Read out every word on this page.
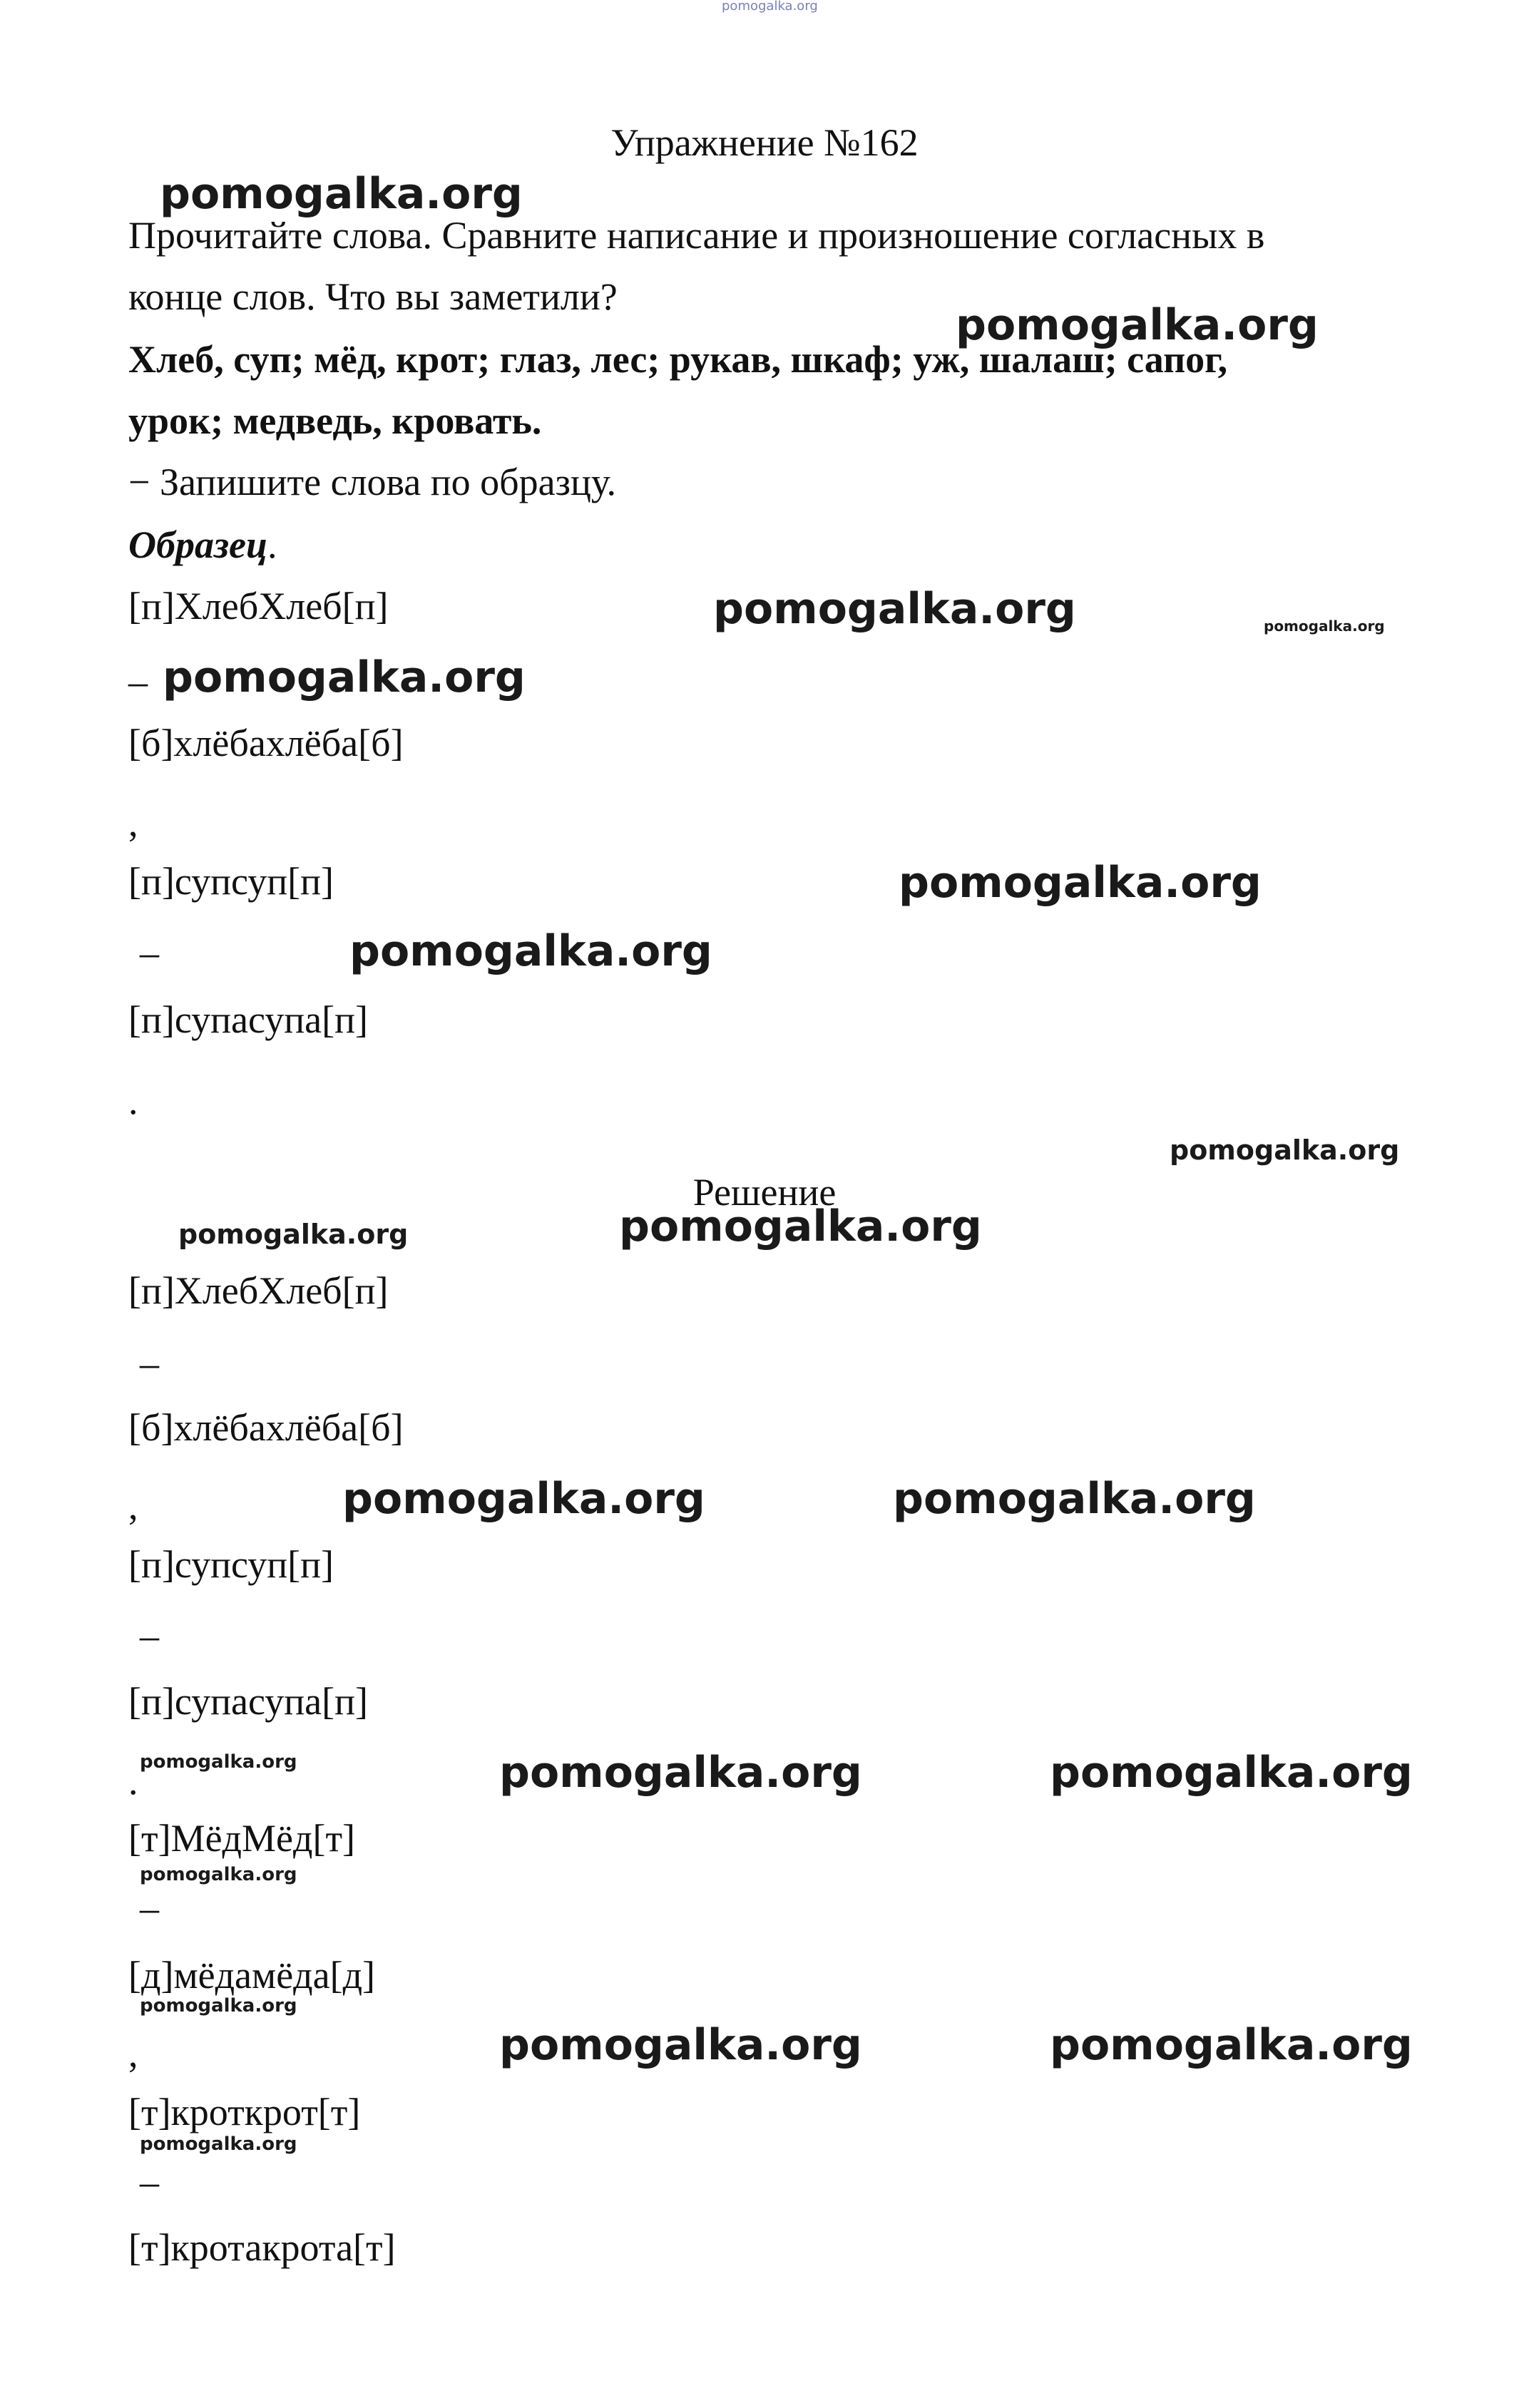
pomogalka.org
Упражнение №162
Прочитайте слова. Сравните написание и произношение согласных в
конце слов. Что вы заметили?
Хлеб, суп; мёд, крот; глаз, лес; рукав, шкаф; уж, шалаш; сапог,
урок; медведь, кровать.
− Запишите слова по образцу.
Образец.
[п]ХлебХлеб[п]
–
[б]хлёбахлёба[б]
,
[п]супсуп[п]
–
[п]супасупа[п]
.
Решение
[п]ХлебХлеб[п]
–
[б]хлёбахлёба[б]
,
[п]супсуп[п]
–
[п]супасупа[п]
.
[т]МёдМёд[т]
–
[д]мёдамёда[д]
,
[т]кроткрот[т]
–
[т]кротакрота[т]
pomogalka.org
pomogalka.org
pomogalka.org	pomogalka.org
pomogalka.org
pomogalka.org
pomogalka.org
pomogalka.org
pomogalka.org	pomogalka.org
pomogalka.org	pomogalka.org
pomogalka.org	pomogalka.org	pomogalka.org
pomogalka.org
pomogalka.org
pomogalka.org	pomogalka.org
pomogalka.org
